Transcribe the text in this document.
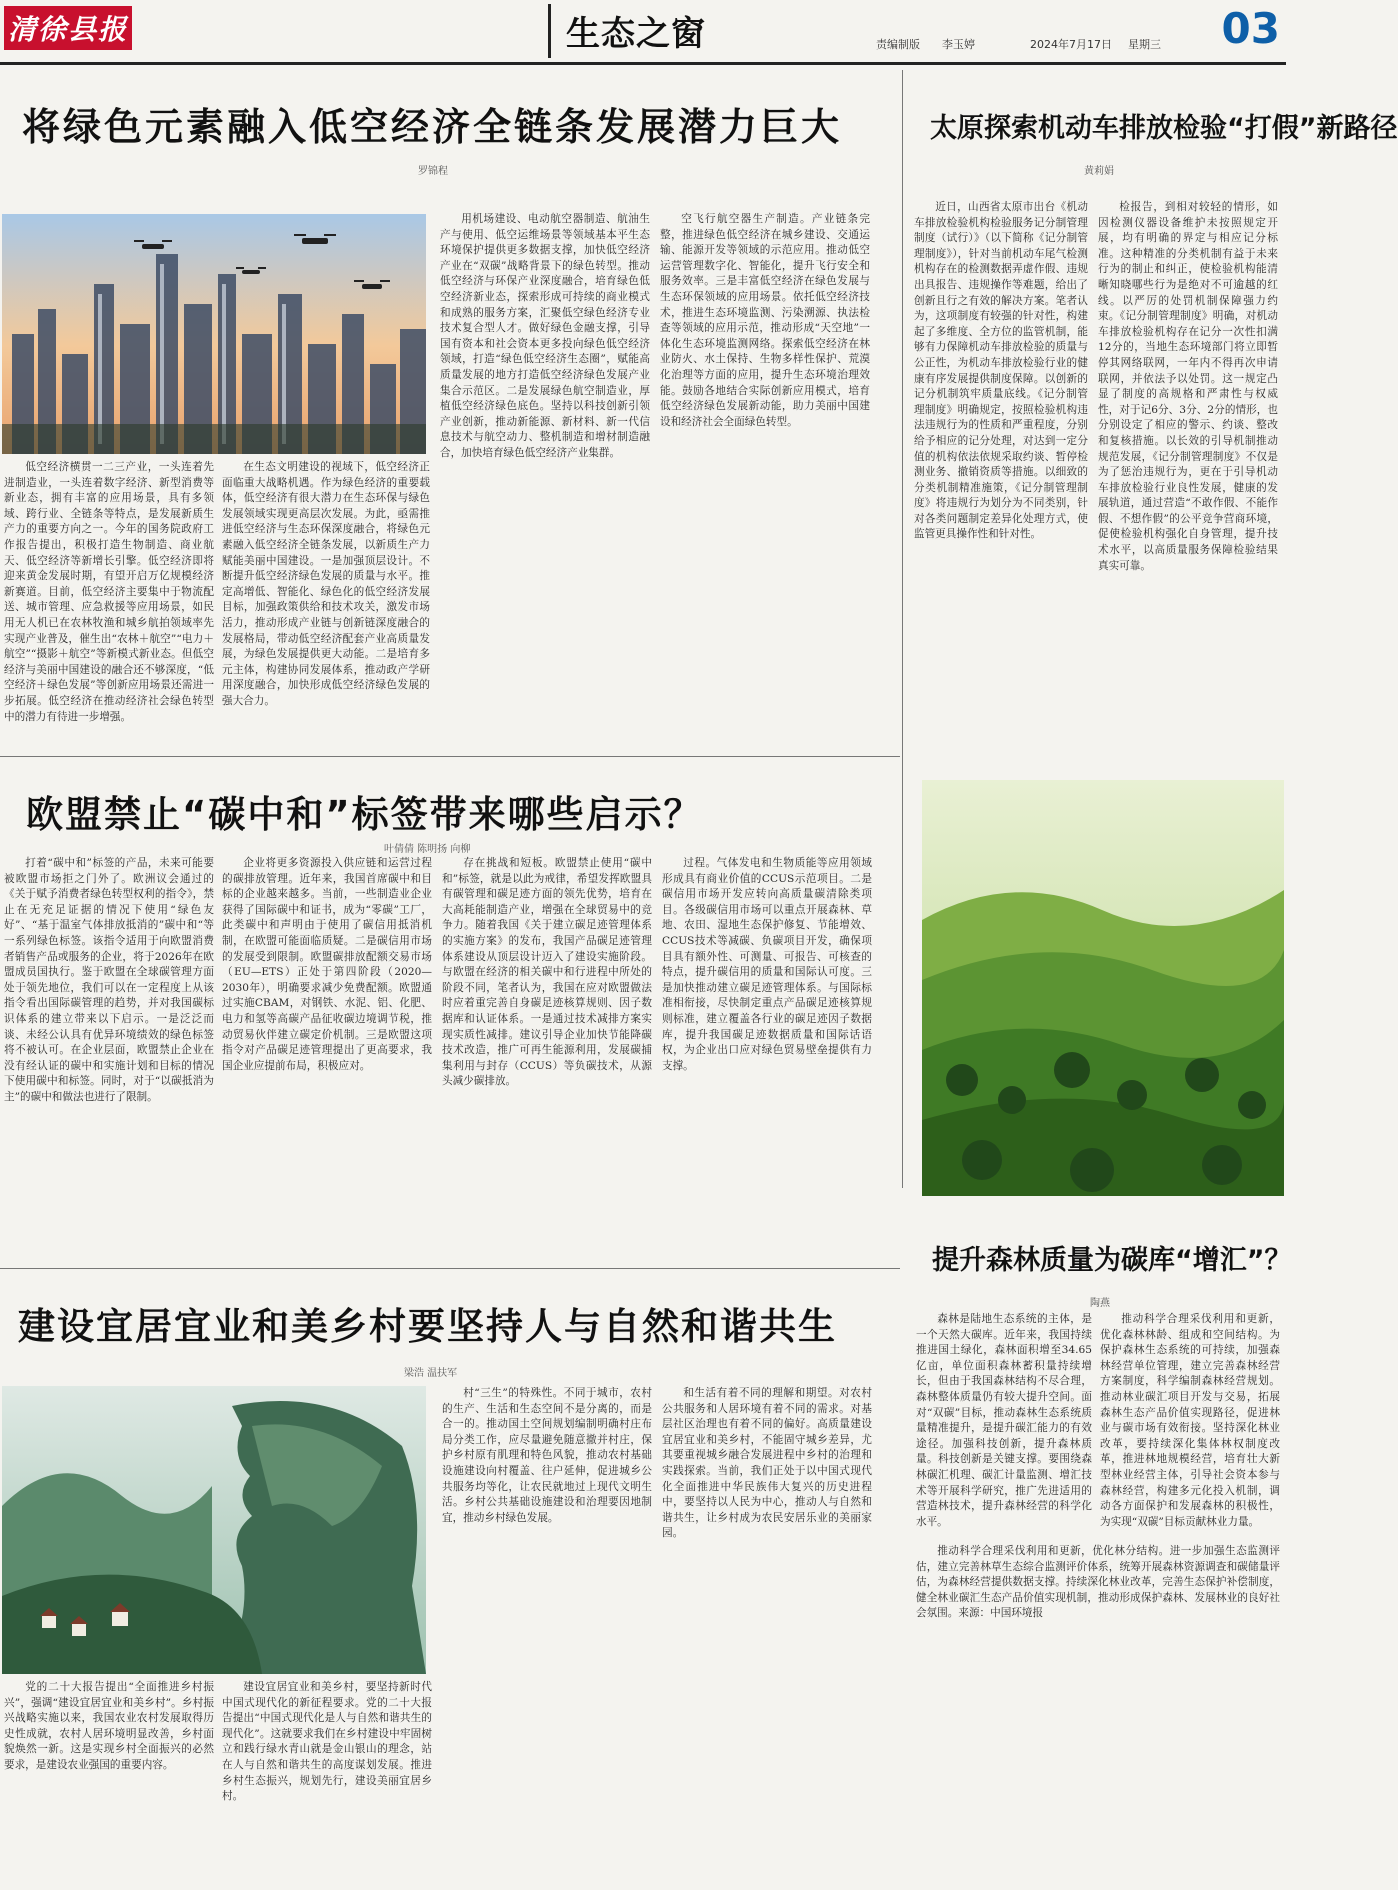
清徐县报	生态之窗	责编制版 李玉婷	2024年7月17日 星期三 03
将绿色元素融入低空经济全链条发展潜力巨大
罗锦程
低空经济横贯一二三产业，一头连着先进制造业，一头连着数字经济、新型消费等新业态，拥有丰富的应用场景，具有多领域、跨行业、全链条等特点，是发展新质生产力的重要方向之一。今年的国务院政府工作报告提出，积极打造生物制造、商业航天、低空经济等新增长引擎。低空经济即将迎来黄金发展时期，有望开启万亿规模经济新赛道。目前，低空经济主要集中于物流配送、城市管理、应急救援等应用场景，如民用无人机已在农林牧渔和城乡航拍领域率先实现产业普及，催生出“农林＋航空”“电力＋航空”“摄影＋航空”等新模式新业态。但低空经济与美丽中国建设的融合还不够深度，“低空经济＋绿色发展”等创新应用场景还需进一步拓展。低空经济在推动经济社会绿色转型中的潜力有待进一步增强。
在生态文明建设的视域下，低空经济正面临重大战略机遇。作为绿色经济的重要载体，低空经济有很大潜力在生态环保与绿色发展领域实现更高层次发展。为此，亟需推进低空经济与生态环保深度融合，将绿色元素融入低空经济全链条发展，以新质生产力赋能美丽中国建设。一是加强顶层设计。不断提升低空经济绿色发展的质量与水平。推定高增低、智能化、绿色化的低空经济发展目标，加强政策供给和技术攻关，激发市场活力，推动形成产业链与创新链深度融合的发展格局，带动低空经济配套产业高质量发展，为绿色发展提供更大动能。二是培育多元主体，构建协同发展体系，推动政产学研用深度融合，加快形成低空经济绿色发展的强大合力。
用机场建设、电动航空器制造、航油生产与使用、低空运维场景等领域基本平生态环境保护提供更多数据支撑，加快低空经济产业在“双碳”战略背景下的绿色转型。推动低空经济与环保产业深度融合，培育绿色低空经济新业态，探索形成可持续的商业模式和成熟的服务方案，汇聚低空绿色经济专业技术复合型人才。做好绿色金融支撑，引导国有资本和社会资本更多投向绿色低空经济领域，打造“绿色低空经济生态圈”，赋能高质量发展的地方打造低空经济绿色发展产业集合示范区。二是发展绿色航空制造业，厚植低空经济绿色底色。坚持以科技创新引领产业创新，推动新能源、新材料、新一代信息技术与航空动力、整机制造和增材制造融合，加快培育绿色低空经济产业集群。
空飞行航空器生产制造。产业链条完整，推进绿色低空经济在城乡建设、交通运输、能源开发等领域的示范应用。推动低空运营管理数字化、智能化，提升飞行安全和服务效率。三是丰富低空经济在绿色发展与生态环保领域的应用场景。依托低空经济技术，推进生态环境监测、污染溯源、执法检查等领域的应用示范，推动形成“天空地”一体化生态环境监测网络。探索低空经济在林业防火、水土保持、生物多样性保护、荒漠化治理等方面的应用，提升生态环境治理效能。鼓励各地结合实际创新应用模式，培育低空经济绿色发展新动能，助力美丽中国建设和经济社会全面绿色转型。
太原探索机动车排放检验“打假”新路径
黄莉娟
近日，山西省太原市出台《机动车排放检验机构检验服务记分制管理制度（试行）》（以下简称《记分制管理制度》），针对当前机动车尾气检测机构存在的检测数据弄虚作假、违规出具报告、违规操作等难题，给出了创新且行之有效的解决方案。笔者认为，这项制度有较强的针对性，构建起了多维度、全方位的监管机制，能够有力保障机动车排放检验的质量与公正性，为机动车排放检验行业的健康有序发展提供制度保障。以创新的记分机制筑牢质量底线。《记分制管理制度》明确规定，按照检验机构违法违规行为的性质和严重程度，分别给予相应的记分处理，对达到一定分值的机构依法依规采取约谈、暂停检测业务、撤销资质等措施。以细致的分类机制精准施策，《记分制管理制度》将违规行为划分为不同类别，针对各类问题制定差异化处理方式，使监管更具操作性和针对性。
检报告，到相对较轻的情形，如因检测仪器设备维护未按照规定开展，均有明确的界定与相应记分标准。这种精准的分类机制有益于未来行为的制止和纠正，使检验机构能清晰知晓哪些行为是绝对不可逾越的红线。以严厉的处罚机制保障强力约束。《记分制管理制度》明确，对机动车排放检验机构存在记分一次性扣满12分的，当地生态环境部门将立即暂停其网络联网，一年内不得再次申请联网，并依法予以处罚。这一规定凸显了制度的高规格和严肃性与权威性，对于记6分、3分、2分的情形，也分别设定了相应的警示、约谈、整改和复核措施。以长效的引导机制推动规范发展，《记分制管理制度》不仅是为了惩治违规行为，更在于引导机动车排放检验行业良性发展，健康的发展轨道，通过营造“不敢作假、不能作假、不想作假”的公平竞争营商环境，促使检验机构强化自身管理，提升技术水平，以高质量服务保障检验结果真实可靠。
欧盟禁止“碳中和”标签带来哪些启示？
叶倩倩 陈明扬 向柳
打着“碳中和”标签的产品，未来可能要被欧盟市场拒之门外了。欧洲议会通过的《关于赋予消费者绿色转型权利的指令》，禁止在无充足证据的情况下使用“绿色友好”、“基于温室气体排放抵消的”碳中和“等一系列绿色标签。该指令适用于向欧盟消费者销售产品或服务的企业，将于2026年在欧盟成员国执行。鉴于欧盟在全球碳管理方面处于领先地位，我们可以在一定程度上从该指令看出国际碳管理的趋势，并对我国碳标识体系的建立带来以下启示。一是泛泛而谈、未经公认具有优异环境绩效的绿色标签将不被认可。在企业层面，欧盟禁止企业在没有经认证的碳中和实施计划和目标的情况下使用碳中和标签。同时，对于“以碳抵消为主”的碳中和做法也进行了限制。
企业将更多资源投入供应链和运营过程的碳排放管理。近年来，我国首席碳中和目标的企业越来越多。当前，一些制造业企业获得了国际碳中和证书，成为“零碳”工厂，此类碳中和声明由于使用了碳信用抵消机制，在欧盟可能面临质疑。二是碳信用市场的发展受到限制。欧盟碳排放配额交易市场（EU—ETS）正处于第四阶段（2020—2030年），明确要求减少免费配额。欧盟通过实施CBAM，对钢铁、水泥、铝、化肥、电力和氢等高碳产品征收碳边境调节税，推动贸易伙伴建立碳定价机制。三是欧盟这项指令对产品碳足迹管理提出了更高要求，我国企业应提前布局，积极应对。
存在挑战和短板。欧盟禁止使用“碳中和”标签，就是以此为戒律，希望发挥欧盟具有碳管理和碳足迹方面的领先优势，培育在大高耗能制造产业，增强在全球贸易中的竞争力。随着我国《关于建立碳足迹管理体系的实施方案》的发布，我国产品碳足迹管理体系建设从顶层设计迈入了建设实施阶段。与欧盟在经济的相关碳中和行进程中所处的阶段不同，笔者认为，我国在应对欧盟做法时应着重完善自身碳足迹核算规则、因子数据库和认证体系。一是通过技术减排方案实现实质性减排。建议引导企业加快节能降碳技术改造，推广可再生能源利用，发展碳捕集利用与封存（CCUS）等负碳技术，从源头减少碳排放。
过程。气体发电和生物质能等应用领域形成具有商业价值的CCUS示范项目。二是碳信用市场开发应转向高质量碳清除类项目。各级碳信用市场可以重点开展森林、草地、农田、湿地生态保护修复、节能增效、CCUS技术等减碳、负碳项目开发，确保项目具有额外性、可测量、可报告、可核查的特点，提升碳信用的质量和国际认可度。三是加快推动建立碳足迹管理体系。与国际标准相衔接，尽快制定重点产品碳足迹核算规则标准，建立覆盖各行业的碳足迹因子数据库，提升我国碳足迹数据质量和国际话语权，为企业出口应对绿色贸易壁垒提供有力支撑。
提升森林质量为碳库“增汇”？
陶燕
森林是陆地生态系统的主体，是一个天然大碳库。近年来，我国持续推进国土绿化，森林面积增至34.65亿亩，单位面积森林蓄积量持续增长，但由于我国森林结构不尽合理，森林整体质量仍有较大提升空间。面对“双碳”目标，推动森林生态系统质量精准提升，是提升碳汇能力的有效途径。加强科技创新，提升森林质量。科技创新是关键支撑。要围绕森林碳汇机理、碳汇计量监测、增汇技术等开展科学研究，推广先进适用的营造林技术，提升森林经营的科学化水平。
推动科学合理采伐利用和更新，优化森林林龄、组成和空间结构。为保护森林生态系统的可持续，加强森林经营单位管理，建立完善森林经营方案制度，科学编制森林经营规划。推动林业碳汇项目开发与交易，拓展森林生态产品价值实现路径，促进林业与碳市场有效衔接。坚持深化林业改革，要持续深化集体林权制度改革，推进林地规模经营，培育壮大新型林业经营主体，引导社会资本参与森林经营，构建多元化投入机制，调动各方面保护和发展森林的积极性，为实现“双碳”目标贡献林业力量。
建设宜居宜业和美乡村要坚持人与自然和谐共生
梁浩 温扶军
党的二十大报告提出“全面推进乡村振兴”，强调“建设宜居宜业和美乡村”。乡村振兴战略实施以来，我国农业农村发展取得历史性成就，农村人居环境明显改善，乡村面貌焕然一新。这是实现乡村全面振兴的必然要求，是建设农业强国的重要内容。
建设宜居宜业和美乡村，要坚持新时代中国式现代化的新征程要求。党的二十大报告提出“中国式现代化是人与自然和谐共生的现代化”。这就要求我们在乡村建设中牢固树立和践行绿水青山就是金山银山的理念，站在人与自然和谐共生的高度谋划发展。推进乡村生态振兴，规划先行，建设美丽宜居乡村。
村“三生”的特殊性。不同于城市，农村的生产、生活和生态空间不是分离的，而是合一的。推动国土空间规划编制明确村庄布局分类工作，应尽量避免随意撤并村庄，保护乡村原有肌理和特色风貌，推动农村基础设施建设向村覆盖、往户延伸，促进城乡公共服务均等化，让农民就地过上现代文明生活。乡村公共基础设施建设和治理要因地制宜，推动乡村绿色发展。
和生活有着不同的理解和期望。对农村公共服务和人居环境有着不同的需求。对基层社区治理也有着不同的偏好。高质量建设宜居宜业和美乡村，不能固守城乡差异，尤其要重视城乡融合发展进程中乡村的治理和实践探索。当前，我们正处于以中国式现代化全面推进中华民族伟大复兴的历史进程中，要坚持以人民为中心，推动人与自然和谐共生，让乡村成为农民安居乐业的美丽家园。
推动科学合理采伐利用和更新，优化林分结构。进一步加强生态监测评估，建立完善林草生态综合监测评价体系，统筹开展森林资源调查和碳储量评估，为森林经营提供数据支撑。持续深化林业改革，完善生态保护补偿制度，健全林业碳汇生态产品价值实现机制，推动形成保护森林、发展林业的良好社会氛围。来源：中国环境报
